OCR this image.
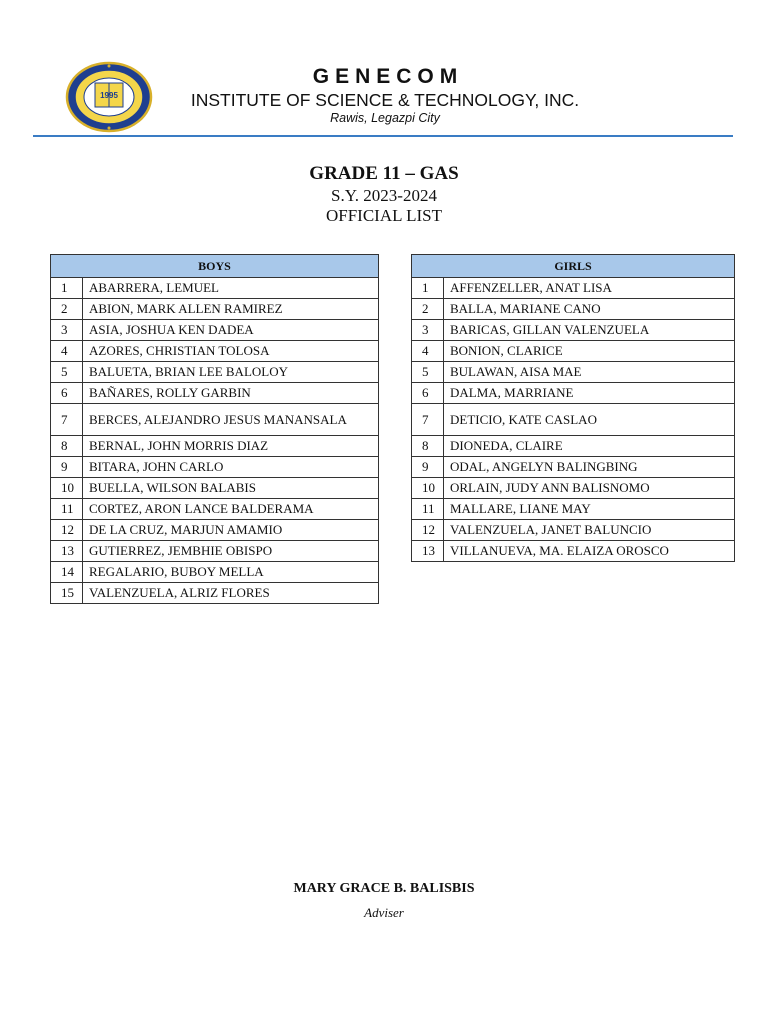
1995
GENECOM
INSTITUTE OF SCIENCE & TECHNOLOGY, INC.
Rawis, Legazpi City
GRADE 11 – GAS
S.Y. 2023-2024
OFFICIAL LIST
BOYS	
1	ABARRERA, LEMUEL
2	ABION, MARK ALLEN RAMIREZ
3	ASIA, JOSHUA KEN DADEA
4	AZORES, CHRISTIAN TOLOSA
5	BALUETA, BRIAN LEE BALOLOY
6	BAÑARES, ROLLY GARBIN
7	BERCES, ALEJANDRO JESUS MANANSALA
8	BERNAL, JOHN MORRIS DIAZ
9	BITARA, JOHN CARLO
10	BUELLA, WILSON BALABIS
11	CORTEZ, ARON LANCE BALDERAMA
12	DE LA CRUZ, MARJUN AMAMIO
13	GUTIERREZ, JEMBHIE OBISPO
14	REGALARIO, BUBOY MELLA
15	VALENZUELA, ALRIZ FLORES
GIRLS	
1	AFFENZELLER, ANAT LISA
2	BALLA, MARIANE CANO
3	BARICAS, GILLAN VALENZUELA
4	BONION, CLARICE
5	BULAWAN, AISA MAE
6	DALMA, MARRIANE
7	DETICIO, KATE CASLAO
8	DIONEDA, CLAIRE
9	ODAL, ANGELYN BALINGBING
10	ORLAIN, JUDY ANN BALISNOMO
11	MALLARE, LIANE MAY
12	VALENZUELA, JANET BALUNCIO
13	VILLANUEVA, MA. ELAIZA OROSCO
MARY GRACE B. BALISBIS
Adviser
